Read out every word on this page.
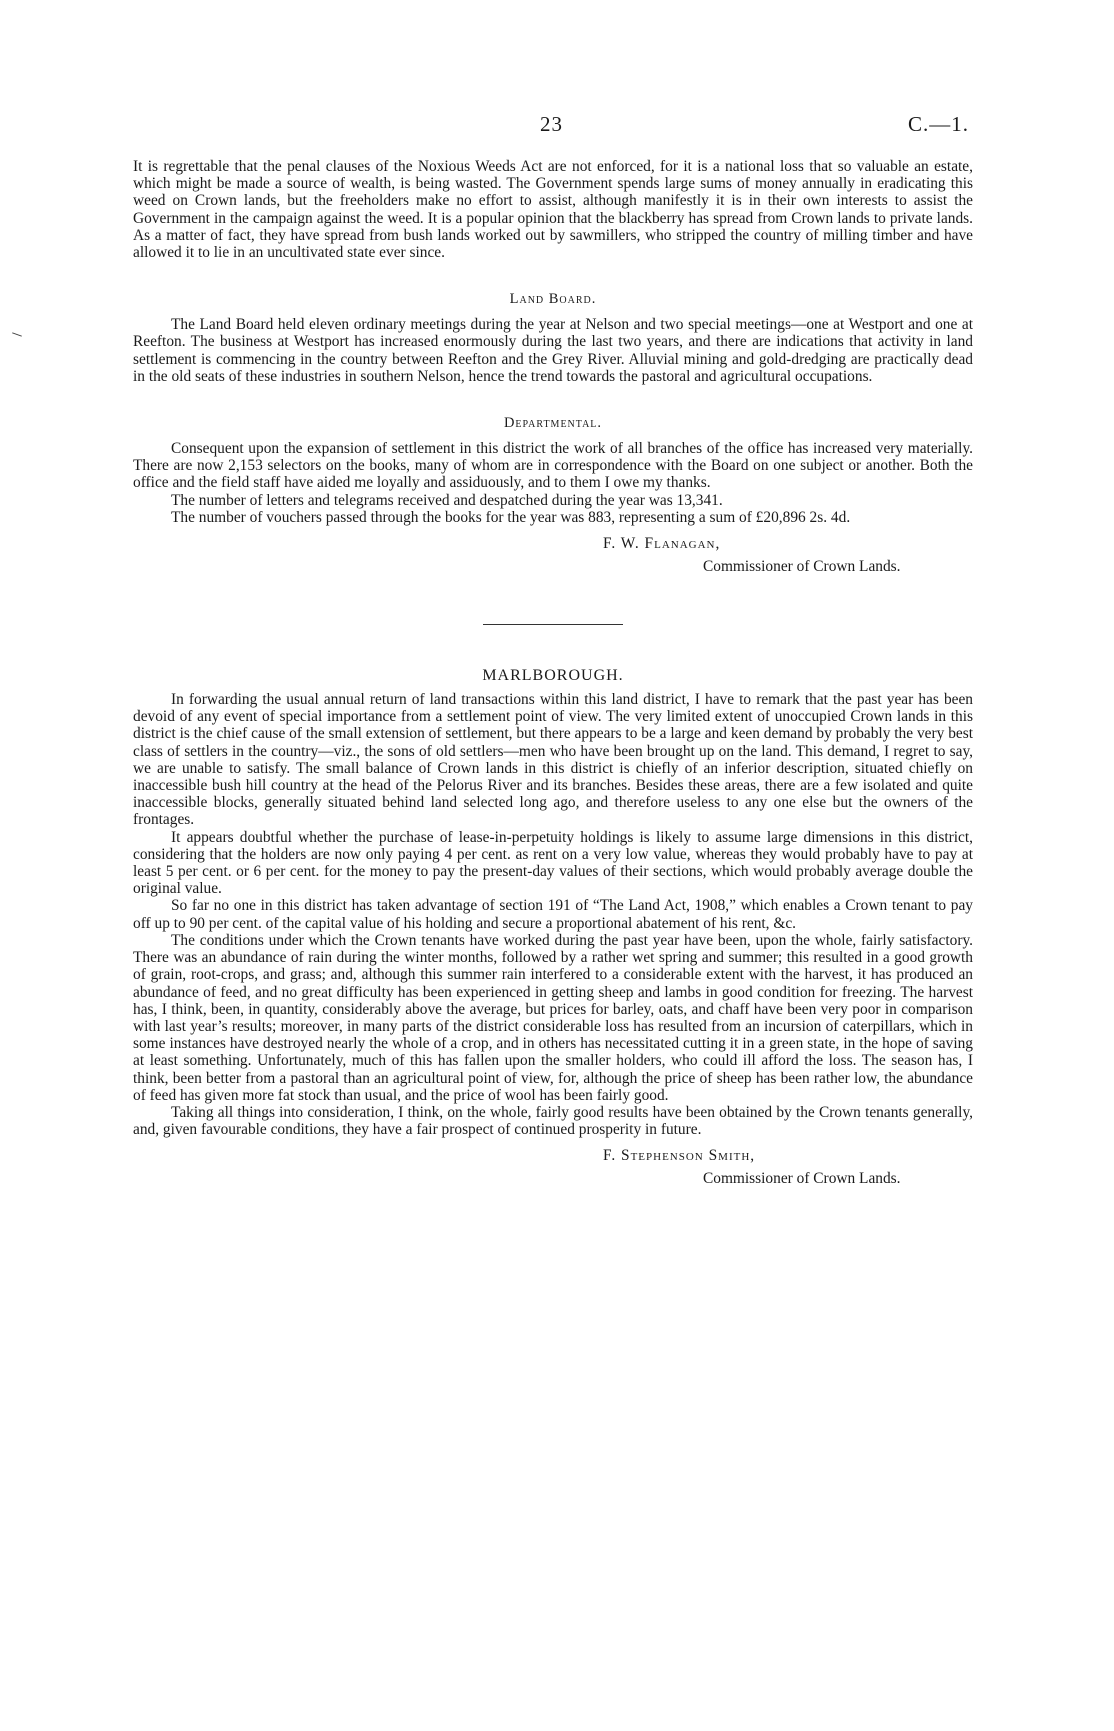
23	C.—1.

It is regrettable that the penal clauses of the Noxious Weeds Act are not enforced, for it is a national loss that so valuable an estate, which might be made a source of wealth, is being wasted. The Government spends large sums of money annually in eradicating this weed on Crown lands, but the freeholders make no effort to assist, although manifestly it is in their own interests to assist the Government in the campaign against the weed. It is a popular opinion that the blackberry has spread from Crown lands to private lands. As a matter of fact, they have spread from bush lands worked out by sawmillers, who stripped the country of milling timber and have allowed it to lie in an uncultivated state ever since.

Land Board.

The Land Board held eleven ordinary meetings during the year at Nelson and two special meetings—one at Westport and one at Reefton. The business at Westport has increased enormously during the last two years, and there are indications that activity in land settlement is commencing in the country between Reefton and the Grey River. Alluvial mining and gold-dredging are practically dead in the old seats of these industries in southern Nelson, hence the trend towards the pastoral and agricultural occupations.

Departmental.

Consequent upon the expansion of settlement in this district the work of all branches of the office has increased very materially. There are now 2,153 selectors on the books, many of whom are in correspondence with the Board on one subject or another. Both the office and the field staff have aided me loyally and assiduously, and to them I owe my thanks.

The number of letters and telegrams received and despatched during the year was 13,341.

The number of vouchers passed through the books for the year was 883, representing a sum of £20,896 2s. 4d.

F. W. Flanagan,
Commissioner of Crown Lands.
MARLBOROUGH.

In forwarding the usual annual return of land transactions within this land district, I have to remark that the past year has been devoid of any event of special importance from a settlement point of view. The very limited extent of unoccupied Crown lands in this district is the chief cause of the small extension of settlement, but there appears to be a large and keen demand by probably the very best class of settlers in the country—viz., the sons of old settlers—men who have been brought up on the land. This demand, I regret to say, we are unable to satisfy. The small balance of Crown lands in this district is chiefly of an inferior description, situated chiefly on inaccessible bush hill country at the head of the Pelorus River and its branches. Besides these areas, there are a few isolated and quite inaccessible blocks, generally situated behind land selected long ago, and therefore useless to any one else but the owners of the frontages.

It appears doubtful whether the purchase of lease-in-perpetuity holdings is likely to assume large dimensions in this district, considering that the holders are now only paying 4 per cent. as rent on a very low value, whereas they would probably have to pay at least 5 per cent. or 6 per cent. for the money to pay the present-day values of their sections, which would probably average double the original value.

So far no one in this district has taken advantage of section 191 of “The Land Act, 1908,” which enables a Crown tenant to pay off up to 90 per cent. of the capital value of his holding and secure a proportional abatement of his rent, &c.

The conditions under which the Crown tenants have worked during the past year have been, upon the whole, fairly satisfactory. There was an abundance of rain during the winter months, followed by a rather wet spring and summer; this resulted in a good growth of grain, root-crops, and grass; and, although this summer rain interfered to a considerable extent with the harvest, it has produced an abundance of feed, and no great difficulty has been experienced in getting sheep and lambs in good condition for freezing. The harvest has, I think, been, in quantity, considerably above the average, but prices for barley, oats, and chaff have been very poor in comparison with last year’s results; moreover, in many parts of the district considerable loss has resulted from an incursion of caterpillars, which in some instances have destroyed nearly the whole of a crop, and in others has necessitated cutting it in a green state, in the hope of saving at least something. Unfortunately, much of this has fallen upon the smaller holders, who could ill afford the loss. The season has, I think, been better from a pastoral than an agricultural point of view, for, although the price of sheep has been rather low, the abundance of feed has given more fat stock than usual, and the price of wool has been fairly good.

Taking all things into consideration, I think, on the whole, fairly good results have been obtained by the Crown tenants generally, and, given favourable conditions, they have a fair prospect of continued prosperity in future.

F. Stephenson Smith,
Commissioner of Crown Lands.
